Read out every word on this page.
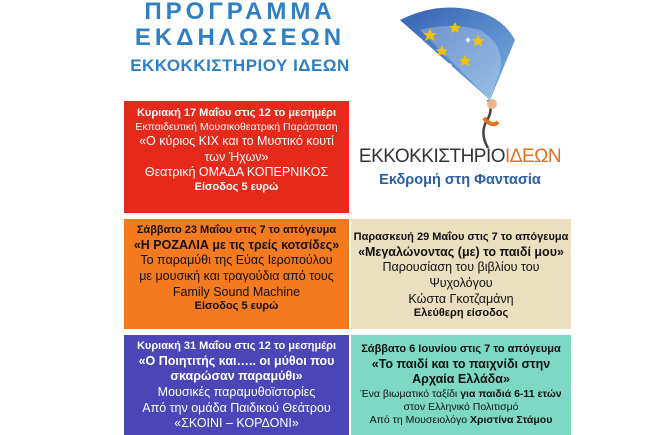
ΠΡΟΓΡΑΜΜΑ
ΕΚΔΗΛΩΣΕΩΝ
ΕΚΚΟΚΚΙΣΤΗΡΙΟΥ ΙΔΕΩΝ
ΕΚΚΟΚΚΙΣΤΗΡΙΟΙΔΕΩΝ
Εκδρομή στη Φαντασία
Κυριακή 17 Μαΐου στις 12 το μεσημέρι
Εκπαιδευτική Μουσικοθεατρική Παράσταση
«Ο κύριος ΚΙΧ και το Μυστικό κουτί
των Ήχων»
Θεατρική ΟΜΑΔΑ ΚΟΠΕΡΝΙΚΟΣ
Είσοδος 5 ευρώ
Σάββατο 23 Μαΐου στις 7 το απόγευμα
«Η ΡΟΖΑΛΙΑ με τις τρείς κοτσίδες»
Το παραμύθι της Εύας Ιεροπούλου
με μουσική και τραγούδια από τους
Family Sound Machine
Είσοδος 5 ευρώ
Παρασκευή 29 Μαΐου στις 7 το απόγευμα
«Μεγαλώνοντας (με) το παιδί μου»
Παρουσίαση του βιβλίου του
Ψυχολόγου
Κώστα Γκοτζαμάνη
Ελεύθερη είσοδος
Κυριακή 31 Μαΐου στις 12 το μεσημέρι
«Ο Ποιητιτής και….. οι μύθοι που
σκαρώσαν παραμύθι»
Μουσικές παραμυθοϊστορίες
Από την ομάδα Παιδικού Θεάτρου
«ΣΚΟΙΝΙ – ΚΟΡΔΟΝΙ»
Σάββατο 6 Ιουνίου στις 7 το απόγευμα
«Το παιδί και το παιχνίδι στην
Αρχαία Ελλάδα»
Ένα βιωματικό ταξίδι για παιδιά 6-11 ετών
στον Ελληνικό Πολιτισμό
Από τη Μουσειολόγο Χριστίνα Στάμου
